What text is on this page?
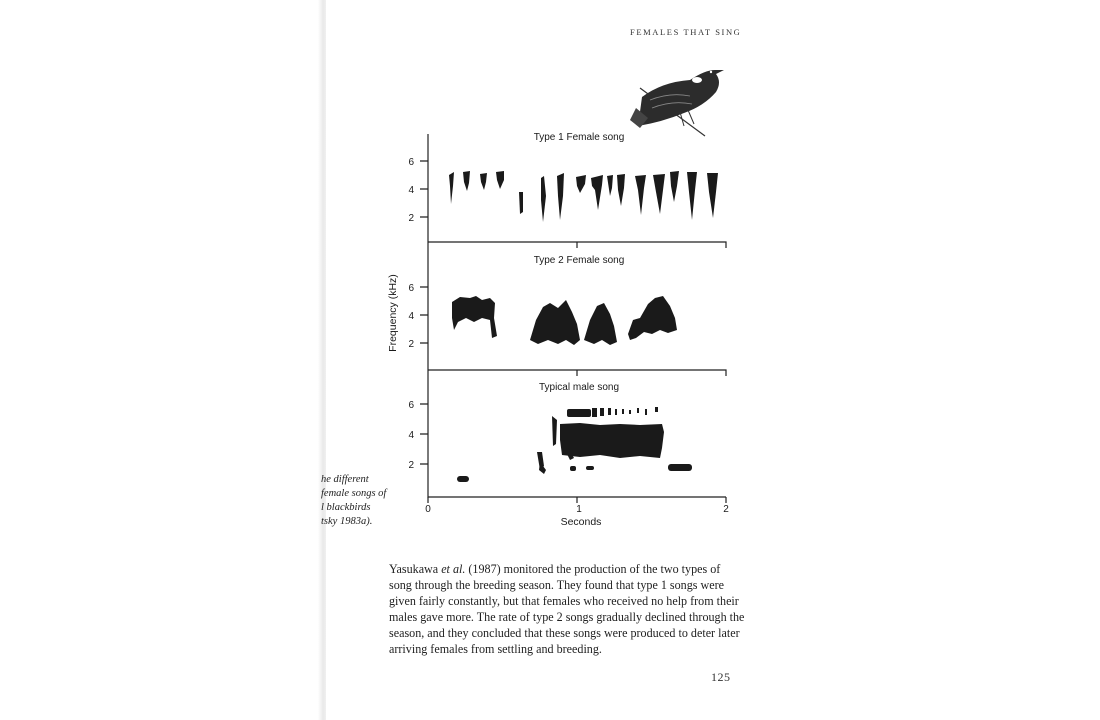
FEMALES THAT SING
6
4
2
6
4
2
6
4
2
0	1	2
Seconds
Frequency (kHz)
Type 1 Female song
Type 2 Female song
Typical male song
he different
female songs of
l blackbirds
tsky 1983a).
Yasukawa et al. (1987) monitored the production of the two types of
song through the breeding season. They found that type 1 songs were
given fairly constantly, but that females who received no help from their
males gave more. The rate of type 2 songs gradually declined through the
season, and they concluded that these songs were produced to deter later
arriving females from settling and breeding.
125
